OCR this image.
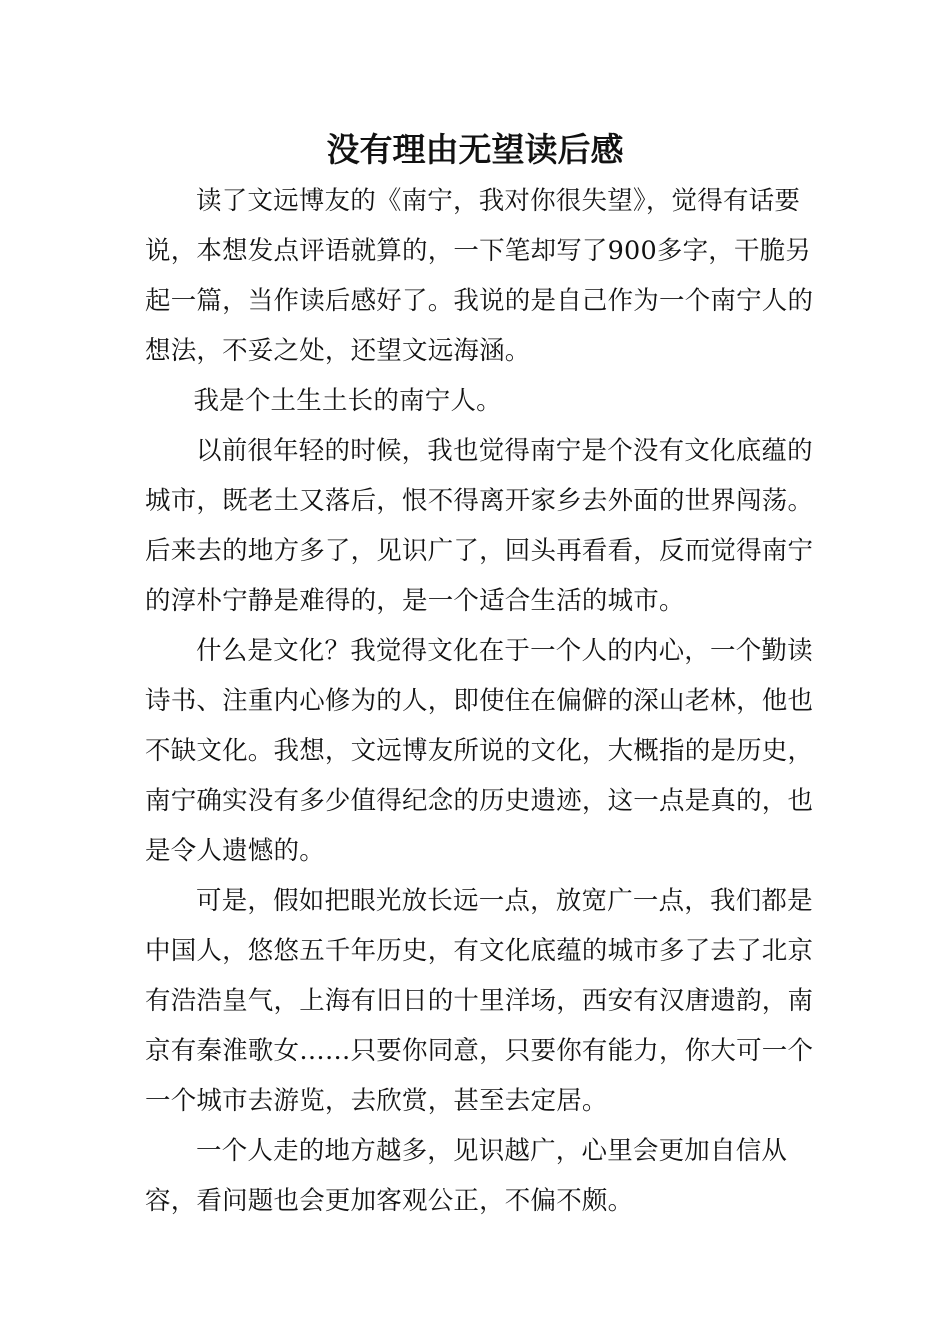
没有理由无望读后感

读了文远博友的《南宁，我对你很失望》，觉得有话要说，本想发点评语就算的，一下笔却写了900多字，干脆另起一篇，当作读后感好了。我说的是自己作为一个南宁人的想法，不妥之处，还望文远海涵。

我是个土生土长的南宁人。

以前很年轻的时候，我也觉得南宁是个没有文化底蕴的城市，既老土又落后，恨不得离开家乡去外面的世界闯荡。后来去的地方多了，见识广了，回头再看看，反而觉得南宁的淳朴宁静是难得的，是一个适合生活的城市。

什么是文化？我觉得文化在于一个人的内心，一个勤读诗书、注重内心修为的人，即使住在偏僻的深山老林，他也不缺文化。我想，文远博友所说的文化，大概指的是历史，南宁确实没有多少值得纪念的历史遗迹，这一点是真的，也是令人遗憾的。

可是，假如把眼光放长远一点，放宽广一点，我们都是中国人，悠悠五千年历史，有文化底蕴的城市多了去了北京有浩浩皇气，上海有旧日的十里洋场，西安有汉唐遗韵，南京有秦淮歌女……只要你同意，只要你有能力，你大可一个一个城市去游览，去欣赏，甚至去定居。

一个人走的地方越多，见识越广，心里会更加自信从容，看问题也会更加客观公正，不偏不颇。
